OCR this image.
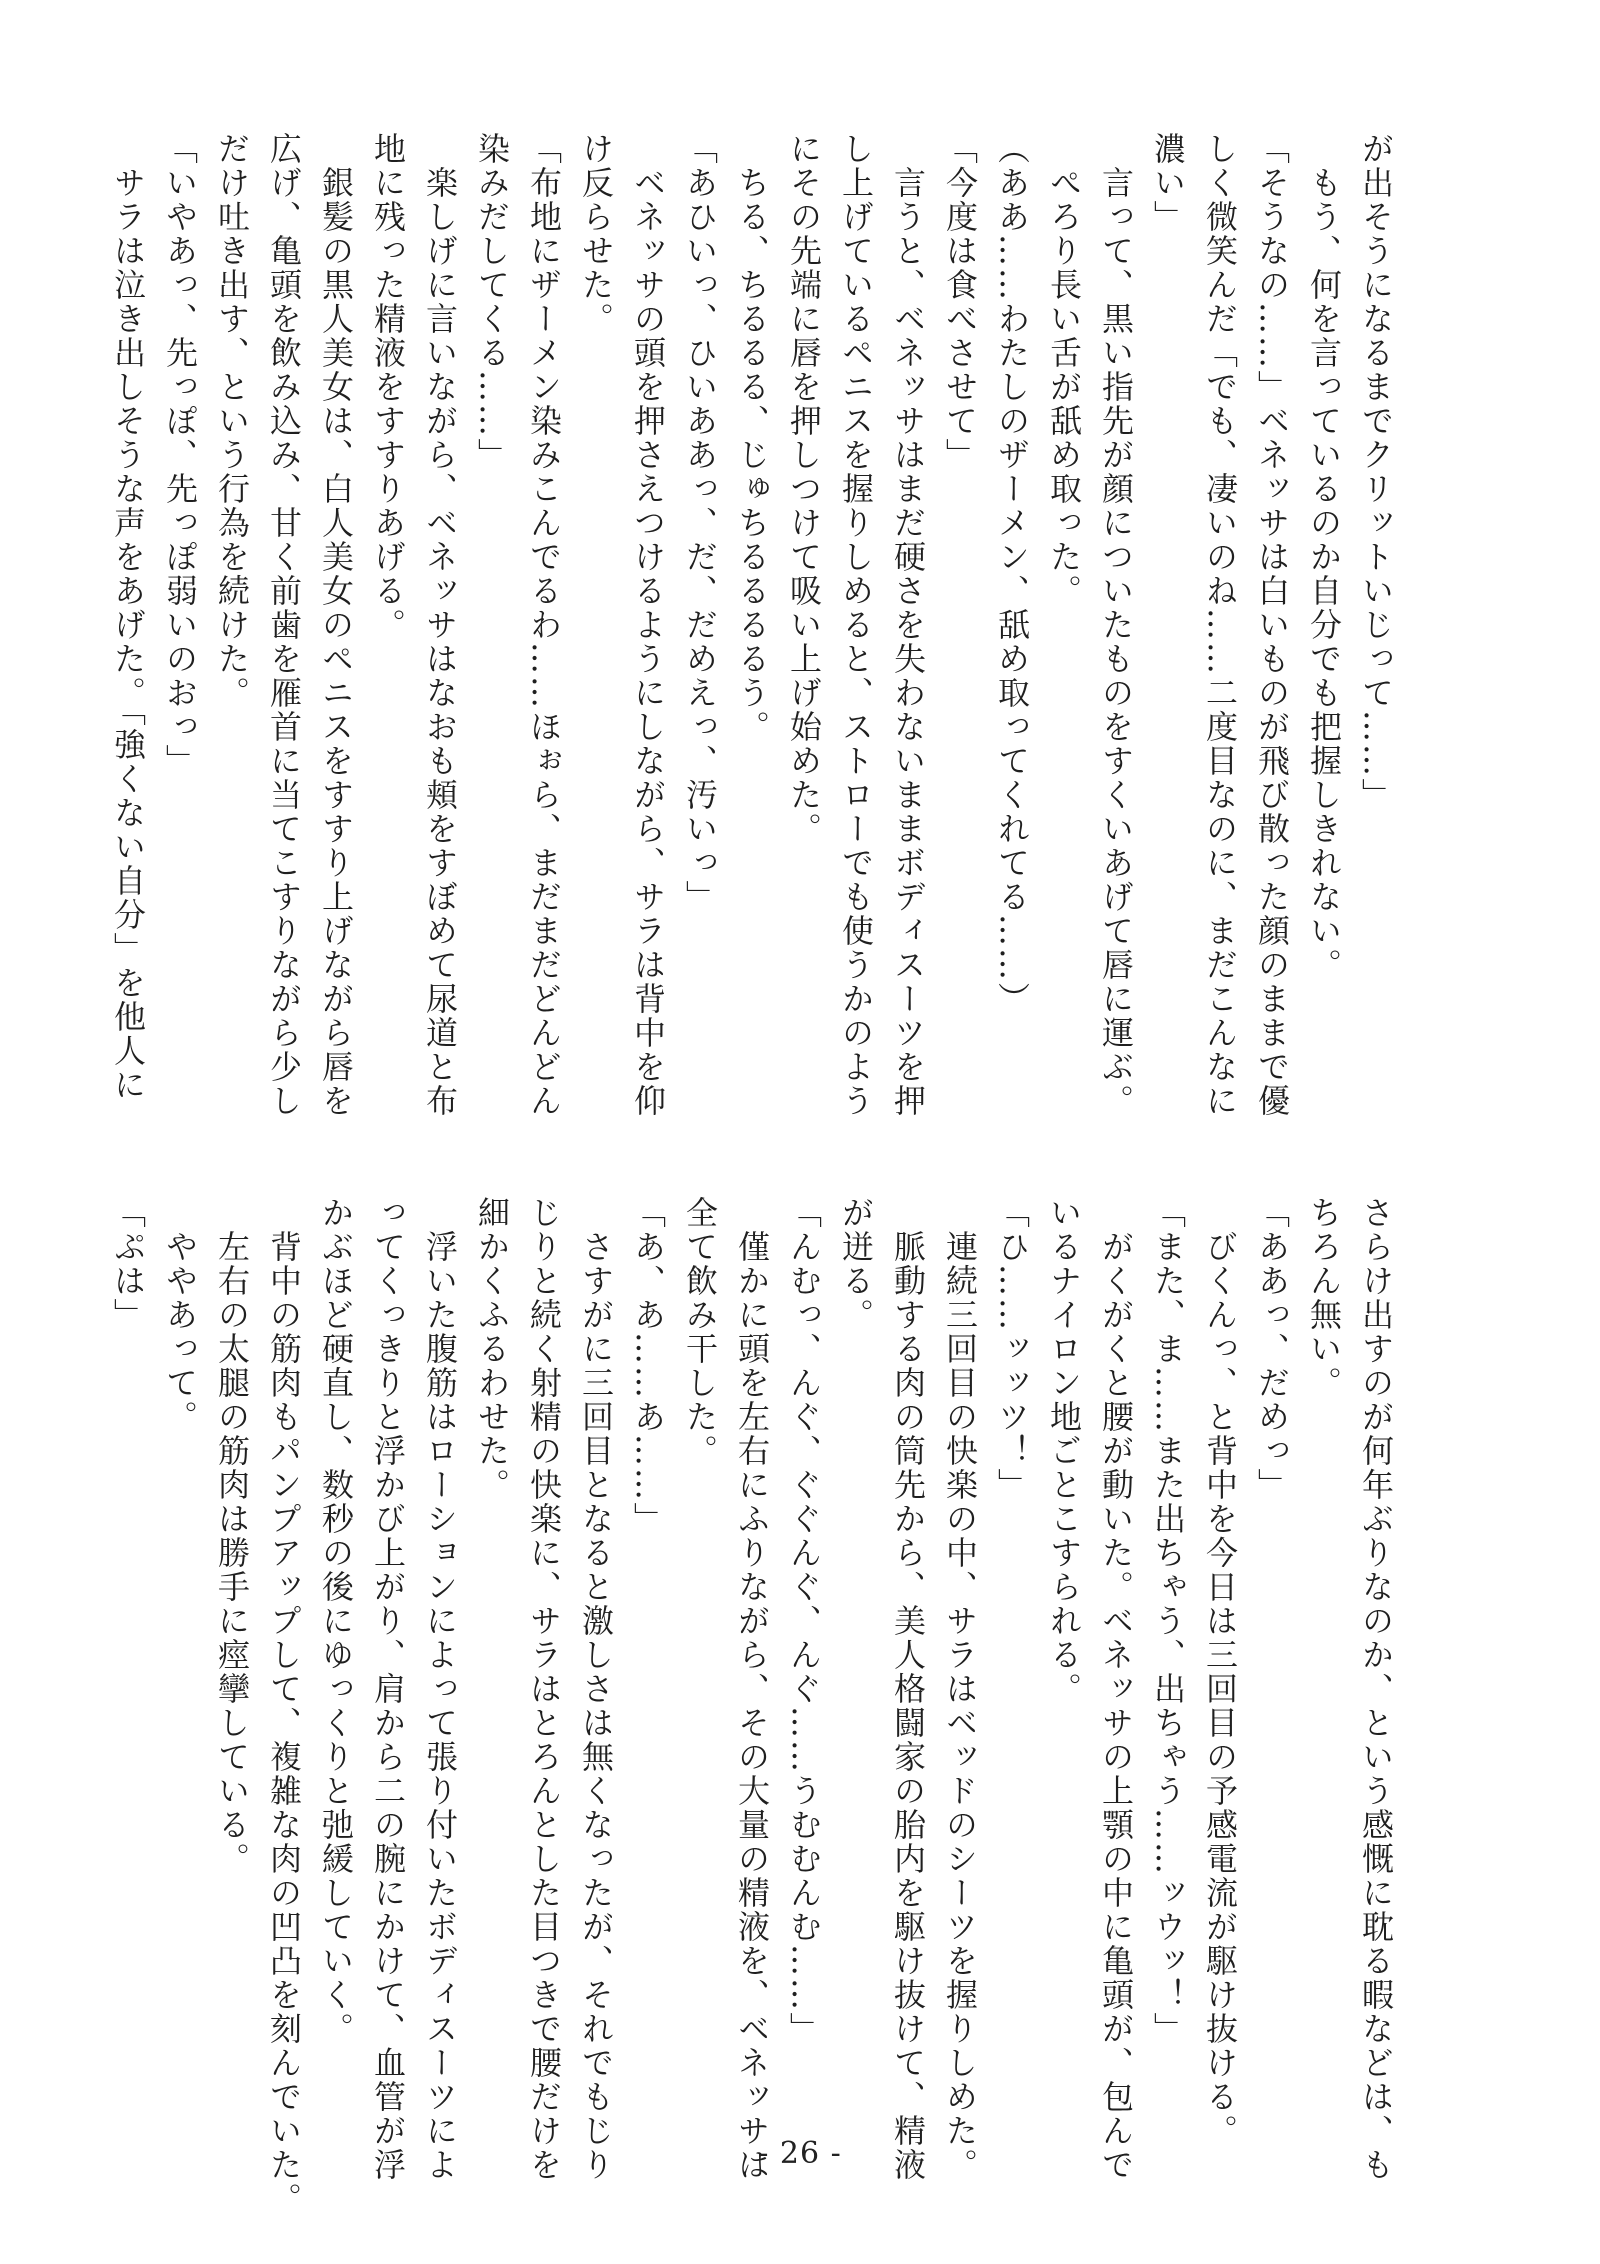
が出そうになるまでクリットいじって……」

　もう、何を言っているのか自分でも把握しきれない。

「そうなの……」ベネッサは白いものが飛び散った顔のままで優

しく微笑んだ「でも、凄いのね……二度目なのに、まだこんなに

濃い」

　言って、黒い指先が顔についたものをすくいあげて唇に運ぶ。

　ぺろり長い舌が舐め取った。

（ああ……わたしのザーメン、舐め取ってくれてる……）

「今度は食べさせて」

　言うと、ベネッサはまだ硬さを失わないままボディスーツを押

し上げているペニスを握りしめると、ストローでも使うかのよう

にその先端に唇を押しつけて吸い上げ始めた。

　ちる、ちるるる、じゅちるるるるう。

「あひいっ、ひいああっ、だ、だめえっ、汚いっ」

　ベネッサの頭を押さえつけるようにしながら、サラは背中を仰

け反らせた。

「布地にザーメン染みこんでるわ……ほぉら、まだまだどんどん

染みだしてくる……」

　楽しげに言いながら、ベネッサはなおも頬をすぼめて尿道と布

地に残った精液をすすりあげる。

　銀髪の黒人美女は、白人美女のペニスをすすり上げながら唇を

広げ、亀頭を飲み込み、甘く前歯を雁首に当てこすりながら少し

だけ吐き出す、という行為を続けた。

「いやあっ、先っぽ、先っぽ弱いのおっ」

　サラは泣き出しそうな声をあげた。「強くない自分」を他人に

さらけ出すのが何年ぶりなのか、という感慨に耽る暇などは、も

ちろん無い。

「ああっ、だめっ」

　びくんっ、と背中を今日は三回目の予感電流が駆け抜ける。

「また、ま……また出ちゃう、出ちゃう……ッウッ！」

　がくがくと腰が動いた。ベネッサの上顎の中に亀頭が、包んで

いるナイロン地ごとこすられる。

「ひ……ッッツ！」

　連続三回目の快楽の中、サラはベッドのシーツを握りしめた。

　脈動する肉の筒先から、美人格闘家の胎内を駆け抜けて、精液

が迸る。

「んむっ、んぐ、ぐぐんぐ、んぐ……うむむんむ……」

　僅かに頭を左右にふりながら、その大量の精液を、ベネッサは

全て飲み干した。

「あ、あ……あ……」

　さすがに三回目となると激しさは無くなったが、それでもじり

じりと続く射精の快楽に、サラはとろんとした目つきで腰だけを

細かくふるわせた。

　浮いた腹筋はローションによって張り付いたボディスーツによ

ってくっきりと浮かび上がり、肩から二の腕にかけて、血管が浮

かぶほど硬直し、数秒の後にゆっくりと弛緩していく。

　背中の筋肉もパンプアップして、複雑な肉の凹凸を刻んでいた。

　左右の太腿の筋肉は勝手に痙攣している。

　ややあって。

「ぷは」

- 26 -
